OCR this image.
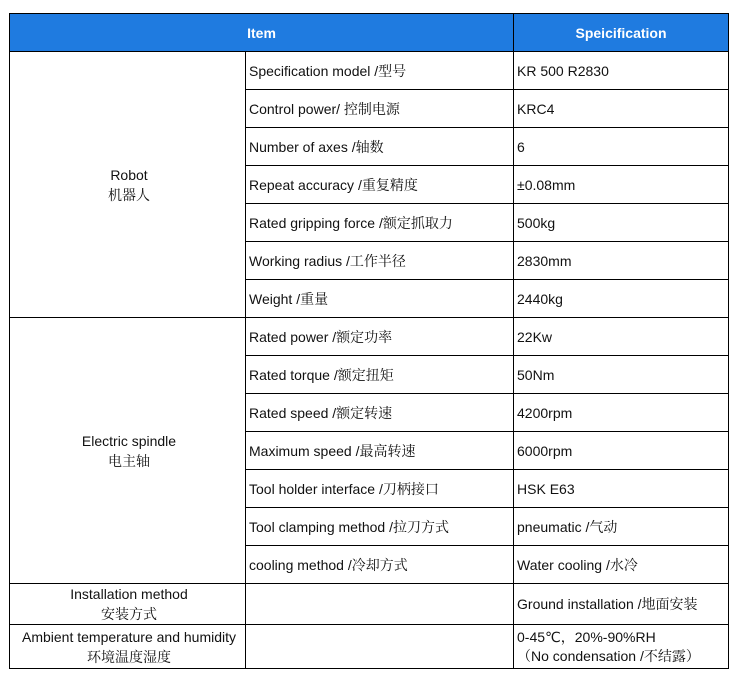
Item		Speicification

Robot
机器人	Specification model /型号	KR 500 R2830
	Control power/ 控制电源	KRC4
	Number of axes /轴数	6
	Repeat accuracy /重复精度	±0.08mm
	Rated gripping force /额定抓取力	500kg
	Working radius /工作半径	2830mm
	Weight /重量	2440kg

Electric spindle
电主轴	Rated power /额定功率	22Kw
	Rated torque /额定扭矩	50Nm
	Rated speed /额定转速	4200rpm
	Maximum speed /最高转速	6000rpm
	Tool holder interface /刀柄接口	HSK E63
	Tool clamping method /拉刀方式	pneumatic /气动
	cooling method /冷却方式	Water cooling /水冷

Installation method
安装方式		Ground installation /地面安装

Ambient temperature and humidity
环境温度湿度		0-45℃，20%-90%RH
（No condensation /不结露）
